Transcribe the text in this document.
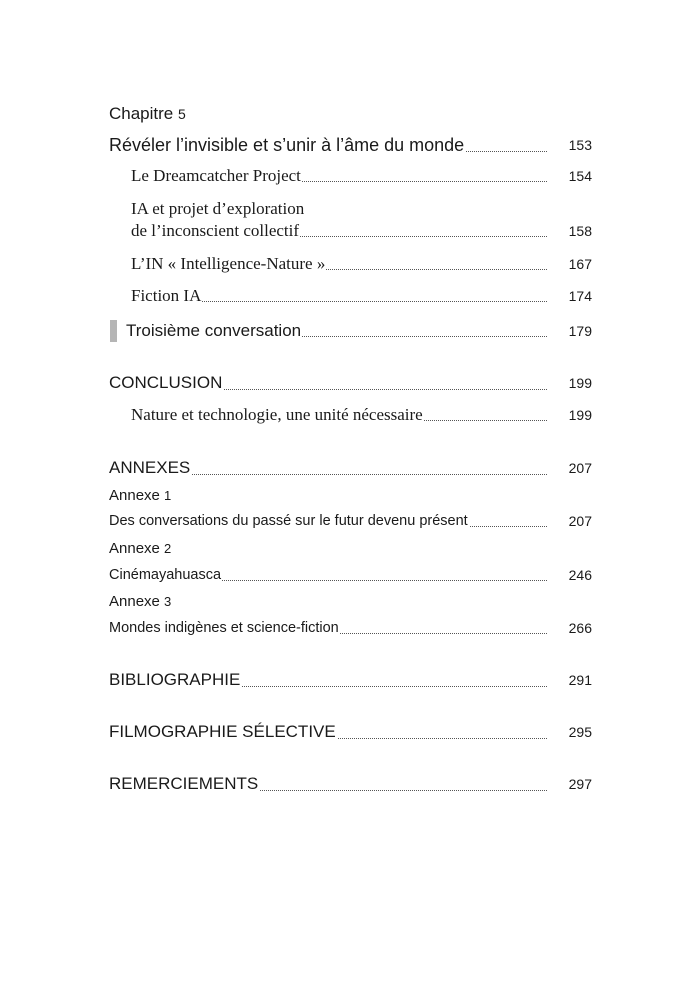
Chapitre 5
Révéler l’invisible et s’unir à l’âme du monde	153
Le Dreamcatcher Project	154
IA et projet d’exploration
de l’inconscient collectif	158
L’IN « Intelligence-Nature »	167
Fiction IA	174
Troisième conversation	179
CONCLUSION	199
Nature et technologie, une unité nécessaire	199
ANNEXES	207
Annexe 1
Des conversations du passé sur le futur devenu présent	207
Annexe 2
Cinémayahuasca	246
Annexe 3
Mondes indigènes et science-fiction	266
BIBLIOGRAPHIE	291
FILMOGRAPHIE SÉLECTIVE	295
REMERCIEMENTS	297
